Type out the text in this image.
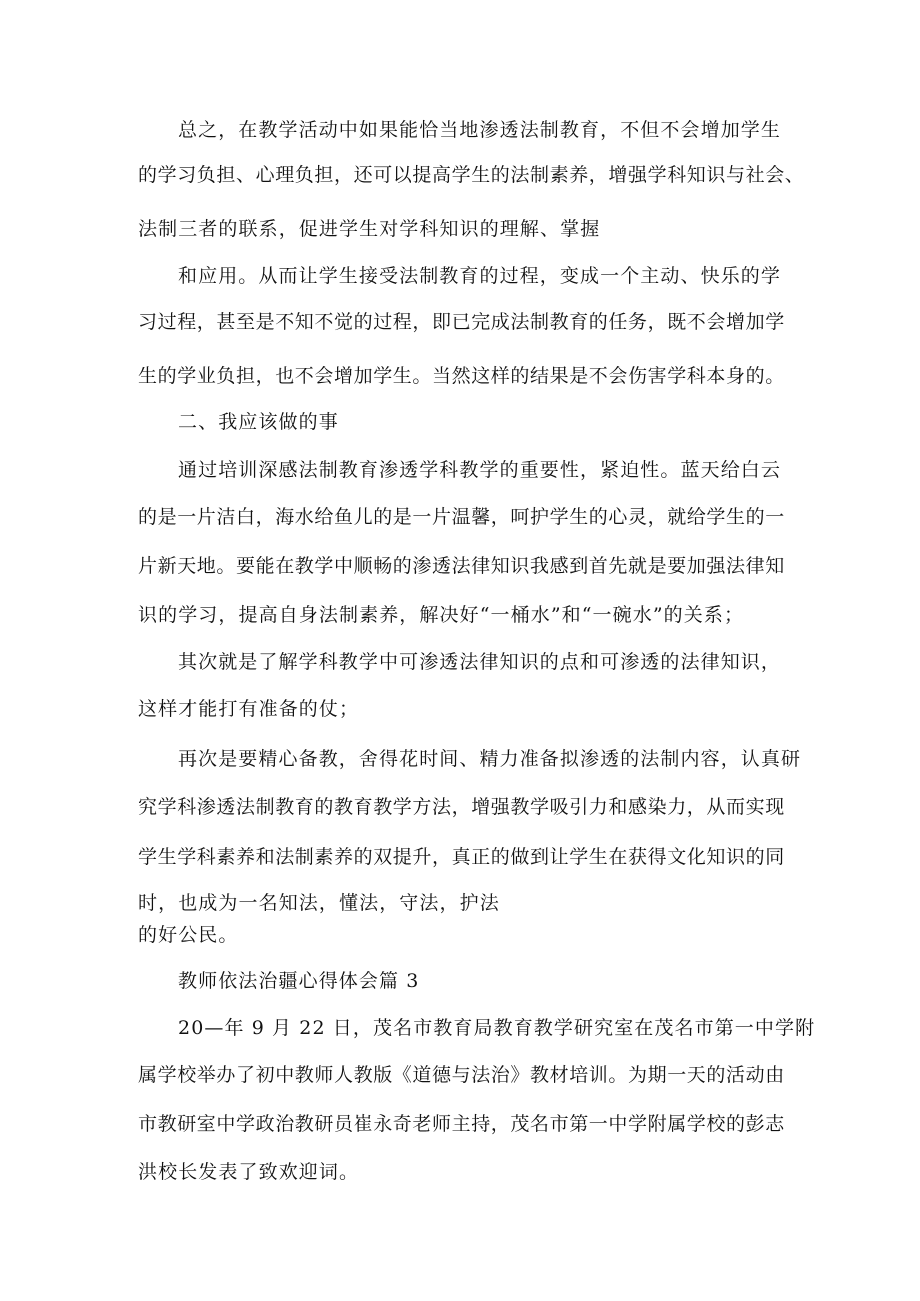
总之，在教学活动中如果能恰当地渗透法制教育，不但不会增加学生
的学习负担、心理负担，还可以提高学生的法制素养，增强学科知识与社会、
法制三者的联系，促进学生对学科知识的理解、掌握
和应用。从而让学生接受法制教育的过程，变成一个主动、快乐的学
习过程，甚至是不知不觉的过程，即已完成法制教育的任务，既不会增加学
生的学业负担，也不会增加学生。当然这样的结果是不会伤害学科本身的。
二、我应该做的事
通过培训深感法制教育渗透学科教学的重要性，紧迫性。蓝天给白云
的是一片洁白，海水给鱼儿的是一片温馨，呵护学生的心灵，就给学生的一
片新天地。要能在教学中顺畅的渗透法律知识我感到首先就是要加强法律知
识的学习，提高自身法制素养，解决好“一桶水”和“一碗水”的关系；
其次就是了解学科教学中可渗透法律知识的点和可渗透的法律知识，
这样才能打有准备的仗；
再次是要精心备教，舍得花时间、精力准备拟渗透的法制内容，认真研
究学科渗透法制教育的教育教学方法，增强教学吸引力和感染力，从而实现
学生学科素养和法制素养的双提升，真正的做到让学生在获得文化知识的同
时，也成为一名知法，懂法，守法，护法
的好公民。
教师依法治疆心得体会篇 3
20—年 9 月 22 日，茂名市教育局教育教学研究室在茂名市第一中学附
属学校举办了初中教师人教版《道德与法治》教材培训。为期一天的活动由
市教研室中学政治教研员崔永奇老师主持，茂名市第一中学附属学校的彭志
洪校长发表了致欢迎词。
